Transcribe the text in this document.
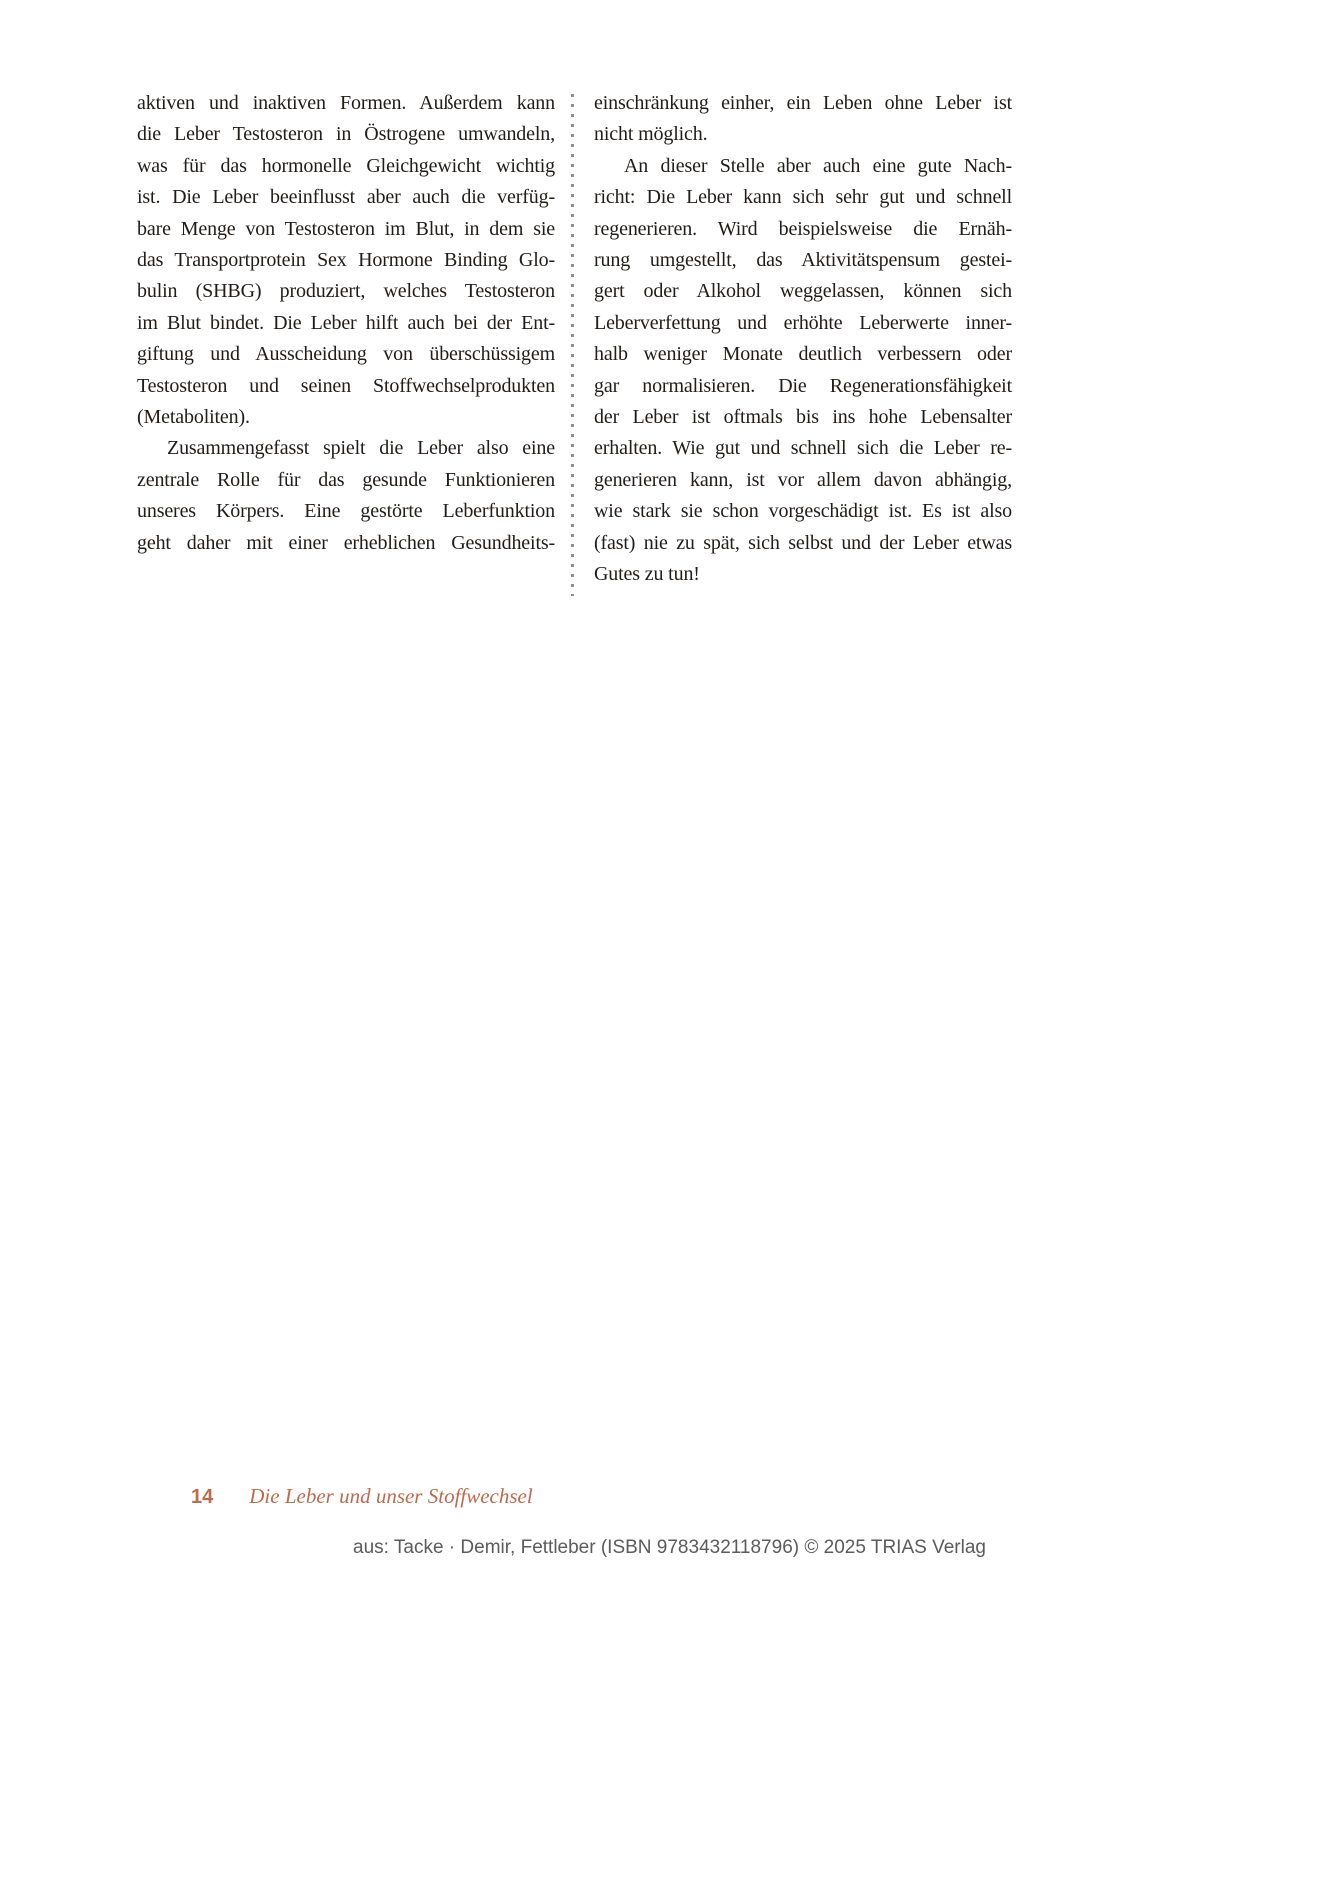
aktiven und inaktiven Formen. Außerdem kann
die Leber Testosteron in Östrogene umwandeln,
was für das hormonelle Gleichgewicht wichtig
ist. Die Leber beeinflusst aber auch die verfüg-
bare Menge von Testosteron im Blut, in dem sie
das Transportprotein Sex Hormone Binding Glo-
bulin (SHBG) produziert, welches Testosteron
im Blut bindet. Die Leber hilft auch bei der Ent-
giftung und Ausscheidung von überschüssigem
Testosteron und seinen Stoffwechselprodukten
(Metaboliten).
Zusammengefasst spielt die Leber also eine
zentrale Rolle für das gesunde Funktionieren
unseres Körpers. Eine gestörte Leberfunktion
geht daher mit einer erheblichen Gesundheits-
einschränkung einher, ein Leben ohne Leber ist
nicht möglich.
An dieser Stelle aber auch eine gute Nach-
richt: Die Leber kann sich sehr gut und schnell
regenerieren. Wird beispielsweise die Ernäh-
rung umgestellt, das Aktivitätspensum gestei-
gert oder Alkohol weggelassen, können sich
Leberverfettung und erhöhte Leberwerte inner-
halb weniger Monate deutlich verbessern oder
gar normalisieren. Die Regenerationsfähigkeit
der Leber ist oftmals bis ins hohe Lebensalter
erhalten. Wie gut und schnell sich die Leber re-
generieren kann, ist vor allem davon abhängig,
wie stark sie schon vorgeschädigt ist. Es ist also
(fast) nie zu spät, sich selbst und der Leber etwas
Gutes zu tun!
14 Die Leber und unser Stoffwechsel
aus: Tacke · Demir, Fettleber (ISBN 9783432118796) © 2025 TRIAS Verlag
